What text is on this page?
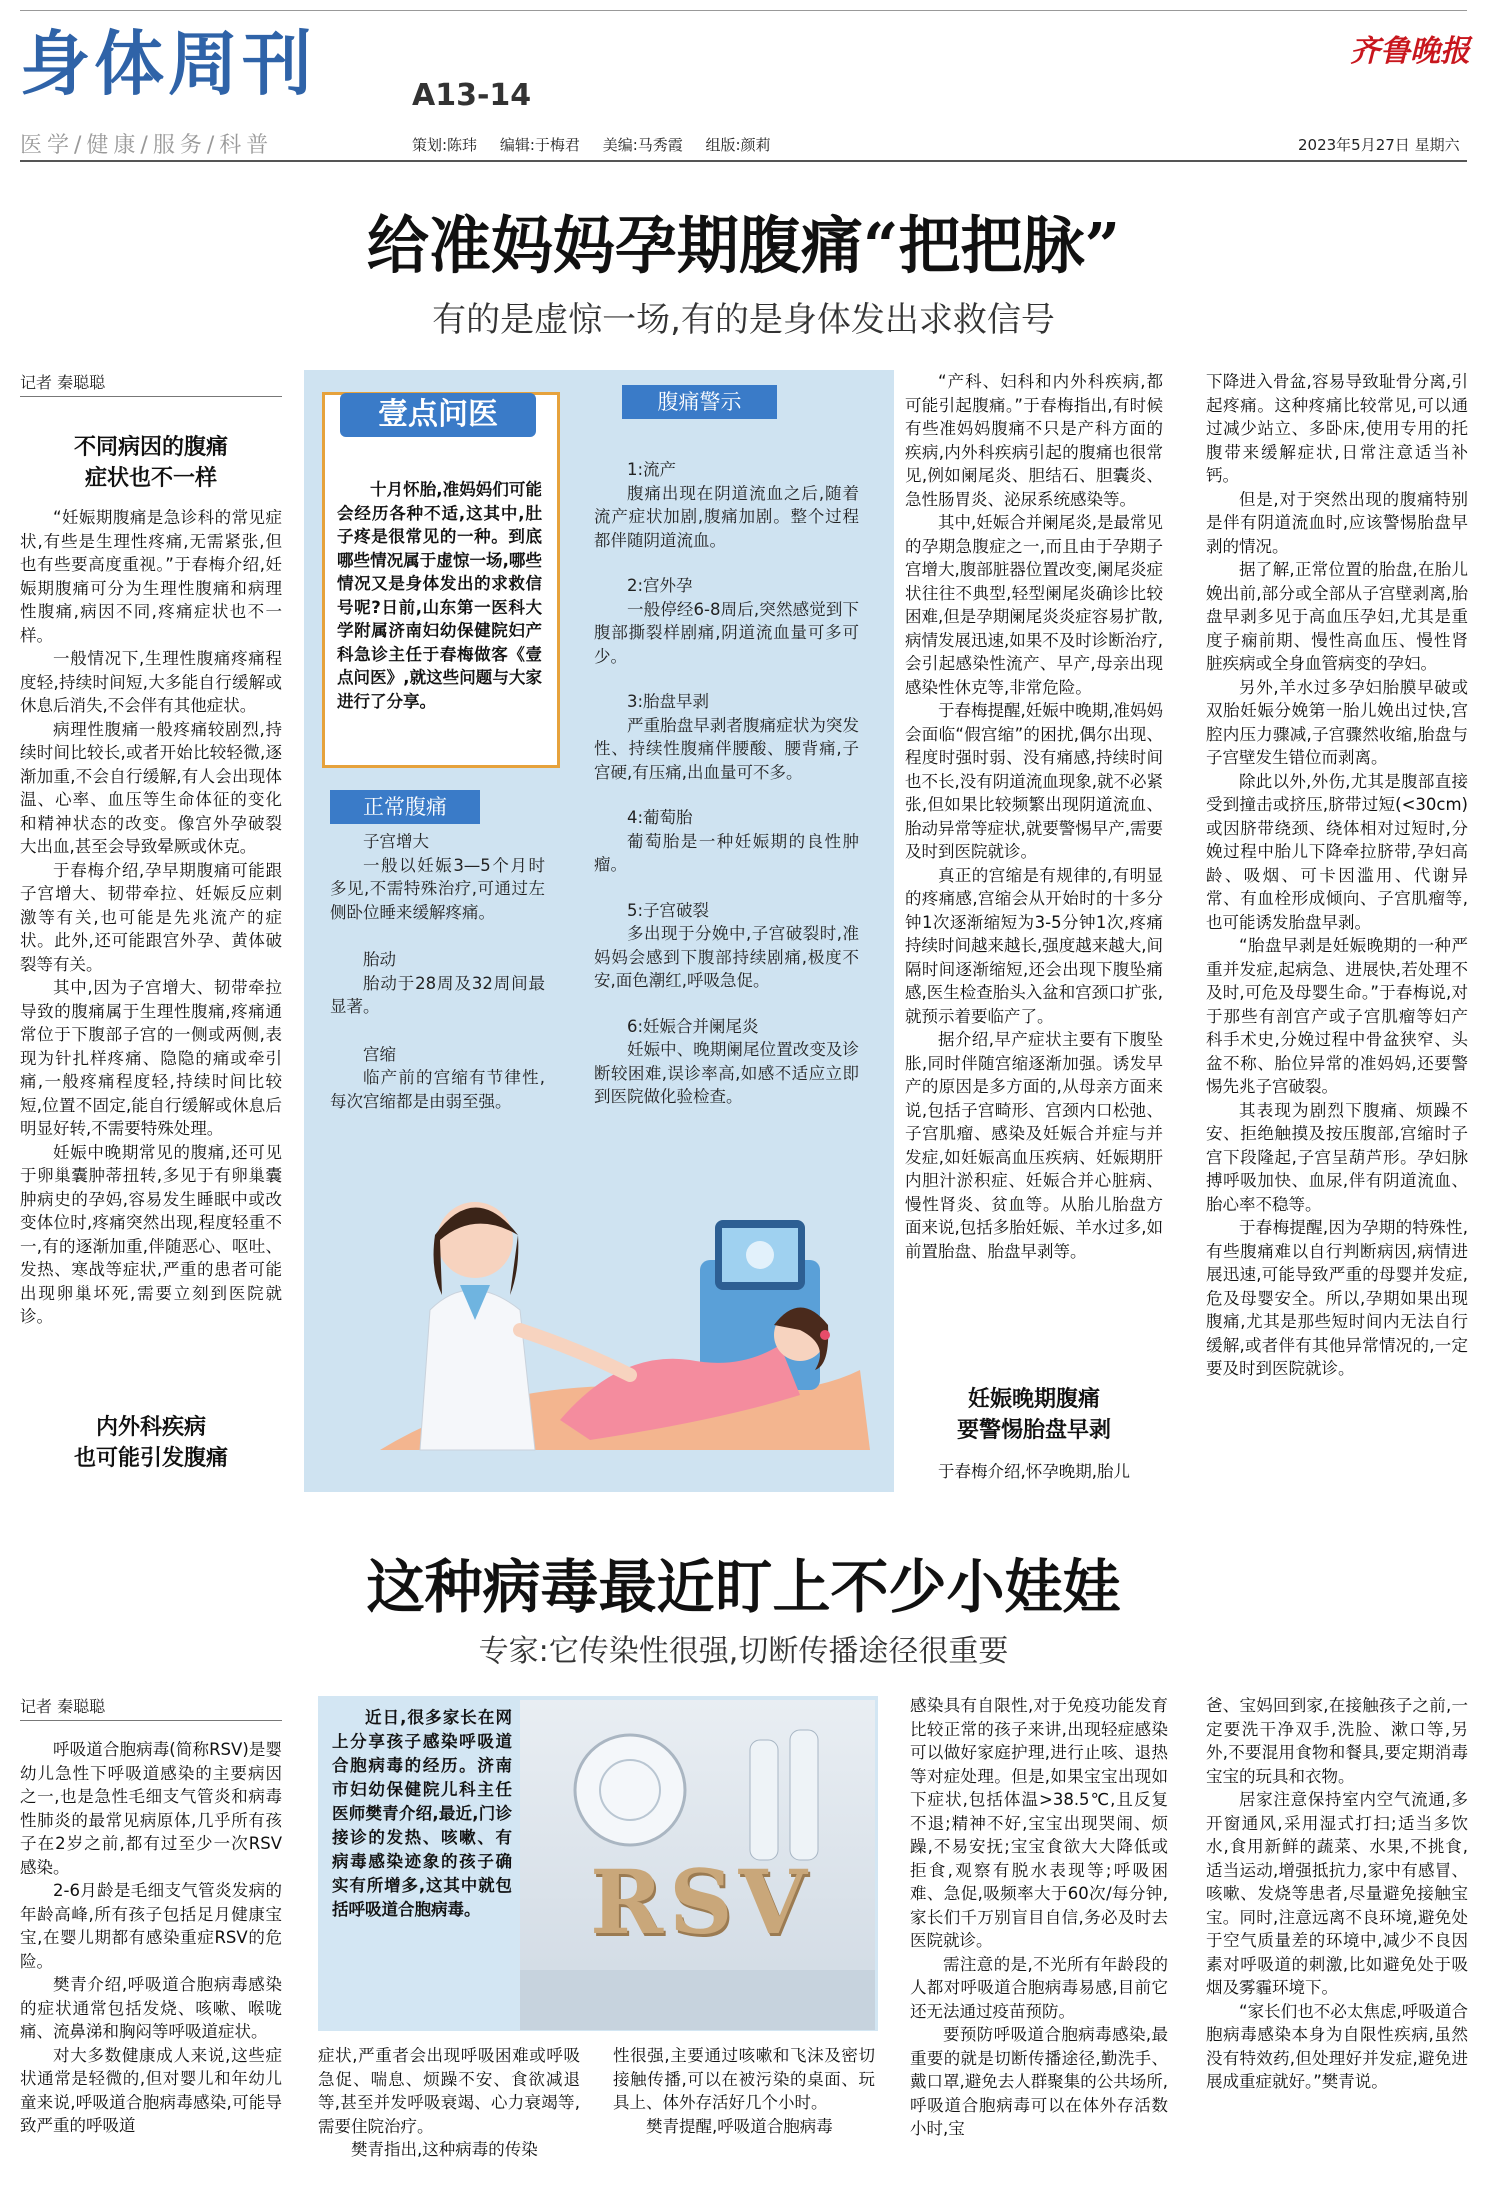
身体周刊	A13-14
医学/健康/服务/科普	策划:陈玮 编辑:于梅君 美编:马秀霞 组版:颜莉
齐鲁晚报
2023年5月27日 星期六
给准妈妈孕期腹痛“把把脉”
有的是虚惊一场,有的是身体发出求救信号
记者 秦聪聪
不同病因的腹痛
症状也不一样

“妊娠期腹痛是急诊科的常见症状,有些是生理性疼痛,无需紧张,但也有些要高度重视。”于春梅介绍,妊娠期腹痛可分为生理性腹痛和病理性腹痛,病因不同,疼痛症状也不一样。

一般情况下,生理性腹痛疼痛程度轻,持续时间短,大多能自行缓解或休息后消失,不会伴有其他症状。

病理性腹痛一般疼痛较剧烈,持续时间比较长,或者开始比较轻微,逐渐加重,不会自行缓解,有人会出现体温、心率、血压等生命体征的变化和精神状态的改变。像宫外孕破裂大出血,甚至会导致晕厥或休克。

于春梅介绍,孕早期腹痛可能跟子宫增大、韧带牵拉、妊娠反应刺激等有关,也可能是先兆流产的症状。此外,还可能跟宫外孕、黄体破裂等有关。

其中,因为子宫增大、韧带牵拉导致的腹痛属于生理性腹痛,疼痛通常位于下腹部子宫的一侧或两侧,表现为针扎样疼痛、隐隐的痛或牵引痛,一般疼痛程度轻,持续时间比较短,位置不固定,能自行缓解或休息后明显好转,不需要特殊处理。

妊娠中晚期常见的腹痛,还可见于卵巢囊肿蒂扭转,多见于有卵巢囊肿病史的孕妈,容易发生睡眠中或改变体位时,疼痛突然出现,程度轻重不一,有的逐渐加重,伴随恶心、呕吐、发热、寒战等症状,严重的患者可能出现卵巢坏死,需要立刻到医院就诊。

内外科疾病
也可能引发腹痛
壹点问医

十月怀胎,准妈妈们可能会经历各种不适,这其中,肚子疼是很常见的一种。到底哪些情况属于虚惊一场,哪些情况又是身体发出的求救信号呢?日前,山东第一医科大学附属济南妇幼保健院妇产科急诊主任于春梅做客《壹点问医》,就这些问题与大家进行了分享。

正常腹痛
子宫增大

一般以妊娠3—5个月时多见,不需特殊治疗,可通过左侧卧位睡来缓解疼痛。

胎动

胎动于28周及32周间最显著。

宫缩

临产前的宫缩有节律性,每次宫缩都是由弱至强。

腹痛警示
1:流产

腹痛出现在阴道流血之后,随着流产症状加剧,腹痛加剧。整个过程都伴随阴道流血。

2:宫外孕

一般停经6-8周后,突然感觉到下腹部撕裂样剧痛,阴道流血量可多可少。

3:胎盘早剥

严重胎盘早剥者腹痛症状为突发性、持续性腹痛伴腰酸、腰背痛,子宫硬,有压痛,出血量可不多。

4:葡萄胎

葡萄胎是一种妊娠期的良性肿瘤。

5:子宫破裂

多出现于分娩中,子宫破裂时,准妈妈会感到下腹部持续剧痛,极度不安,面色潮红,呼吸急促。

6:妊娠合并阑尾炎

妊娠中、晚期阑尾位置改变及诊断较困难,误诊率高,如感不适应立即到医院做化验检查。

“产科、妇科和内外科疾病,都可能引起腹痛。”于春梅指出,有时候有些准妈妈腹痛不只是产科方面的疾病,内外科疾病引起的腹痛也很常见,例如阑尾炎、胆结石、胆囊炎、急性肠胃炎、泌尿系统感染等。

其中,妊娠合并阑尾炎,是最常见的孕期急腹症之一,而且由于孕期子宫增大,腹部脏器位置改变,阑尾炎症状往往不典型,轻型阑尾炎确诊比较困难,但是孕期阑尾炎炎症容易扩散,病情发展迅速,如果不及时诊断治疗,会引起感染性流产、早产,母亲出现感染性休克等,非常危险。

于春梅提醒,妊娠中晚期,准妈妈会面临“假宫缩”的困扰,偶尔出现、程度时强时弱、没有痛感,持续时间也不长,没有阴道流血现象,就不必紧张,但如果比较频繁出现阴道流血、胎动异常等症状,就要警惕早产,需要及时到医院就诊。

真正的宫缩是有规律的,有明显的疼痛感,宫缩会从开始时的十多分钟1次逐渐缩短为3-5分钟1次,疼痛持续时间越来越长,强度越来越大,间隔时间逐渐缩短,还会出现下腹坠痛感,医生检查胎头入盆和宫颈口扩张,就预示着要临产了。

据介绍,早产症状主要有下腹坠胀,同时伴随宫缩逐渐加强。诱发早产的原因是多方面的,从母亲方面来说,包括子宫畸形、宫颈内口松弛、子宫肌瘤、感染及妊娠合并症与并发症,如妊娠高血压疾病、妊娠期肝内胆汁淤积症、妊娠合并心脏病、慢性肾炎、贫血等。从胎儿胎盘方面来说,包括多胎妊娠、羊水过多,如前置胎盘、胎盘早剥等。

妊娠晚期腹痛
要警惕胎盘早剥

于春梅介绍,怀孕晚期,胎儿

下降进入骨盆,容易导致耻骨分离,引起疼痛。这种疼痛比较常见,可以通过减少站立、多卧床,使用专用的托腹带来缓解症状,日常注意适当补钙。

但是,对于突然出现的腹痛特别是伴有阴道流血时,应该警惕胎盘早剥的情况。

据了解,正常位置的胎盘,在胎儿娩出前,部分或全部从子宫壁剥离,胎盘早剥多见于高血压孕妇,尤其是重度子痫前期、慢性高血压、慢性肾脏疾病或全身血管病变的孕妇。

另外,羊水过多孕妇胎膜早破或双胎妊娠分娩第一胎儿娩出过快,宫腔内压力骤减,子宫骤然收缩,胎盘与子宫壁发生错位而剥离。

除此以外,外伤,尤其是腹部直接受到撞击或挤压,脐带过短(<30cm)或因脐带绕颈、绕体相对过短时,分娩过程中胎儿下降牵拉脐带,孕妇高龄、吸烟、可卡因滥用、代谢异常、有血栓形成倾向、子宫肌瘤等,也可能诱发胎盘早剥。

“胎盘早剥是妊娠晚期的一种严重并发症,起病急、进展快,若处理不及时,可危及母婴生命。”于春梅说,对于那些有剖宫产或子宫肌瘤等妇产科手术史,分娩过程中骨盆狭窄、头盆不称、胎位异常的准妈妈,还要警惕先兆子宫破裂。

其表现为剧烈下腹痛、烦躁不安、拒绝触摸及按压腹部,宫缩时子宫下段隆起,子宫呈葫芦形。孕妇脉搏呼吸加快、血尿,伴有阴道流血、胎心率不稳等。

于春梅提醒,因为孕期的特殊性,有些腹痛难以自行判断病因,病情进展迅速,可能导致严重的母婴并发症,危及母婴安全。所以,孕期如果出现腹痛,尤其是那些短时间内无法自行缓解,或者伴有其他异常情况的,一定要及时到医院就诊。

这种病毒最近盯上不少小娃娃
专家:它传染性很强,切断传播途径很重要
记者 秦聪聪

呼吸道合胞病毒(简称RSV)是婴幼儿急性下呼吸道感染的主要病因之一,也是急性毛细支气管炎和病毒性肺炎的最常见病原体,几乎所有孩子在2岁之前,都有过至少一次RSV感染。

2-6月龄是毛细支气管炎发病的年龄高峰,所有孩子包括足月健康宝宝,在婴儿期都有感染重症RSV的危险。

樊青介绍,呼吸道合胞病毒感染的症状通常包括发烧、咳嗽、喉咙痛、流鼻涕和胸闷等呼吸道症状。

对大多数健康成人来说,这些症状通常是轻微的,但对婴儿和年幼儿童来说,呼吸道合胞病毒感染,可能导致严重的呼吸道

近日,很多家长在网上分享孩子感染呼吸道合胞病毒的经历。济南市妇幼保健院儿科主任医师樊青介绍,最近,门诊接诊的发热、咳嗽、有病毒感染迹象的孩子确实有所增多,这其中就包括呼吸道合胞病毒。	RSV

症状,严重者会出现呼吸困难或呼吸急促、喘息、烦躁不安、食欲减退等,甚至并发呼吸衰竭、心力衰竭等,需要住院治疗。

樊青指出,这种病毒的传染

性很强,主要通过咳嗽和飞沫及密切接触传播,可以在被污染的桌面、玩具上、体外存活好几个小时。

樊青提醒,呼吸道合胞病毒

感染具有自限性,对于免疫功能发育比较正常的孩子来讲,出现轻症感染可以做好家庭护理,进行止咳、退热等对症处理。但是,如果宝宝出现如下症状,包括体温>38.5℃,且反复不退;精神不好,宝宝出现哭闹、烦躁,不易安抚;宝宝食欲大大降低或拒食,观察有脱水表现等;呼吸困难、急促,吸频率大于60次/每分钟,家长们千万别盲目自信,务必及时去医院就诊。

需注意的是,不光所有年龄段的人都对呼吸道合胞病毒易感,目前它还无法通过疫苗预防。

要预防呼吸道合胞病毒感染,最重要的就是切断传播途径,勤洗手、戴口罩,避免去人群聚集的公共场所,呼吸道合胞病毒可以在体外存活数小时,宝

爸、宝妈回到家,在接触孩子之前,一定要洗干净双手,洗脸、漱口等,另外,不要混用食物和餐具,要定期消毒宝宝的玩具和衣物。

居家注意保持室内空气流通,多开窗通风,采用湿式打扫;适当多饮水,食用新鲜的蔬菜、水果,不挑食,适当运动,增强抵抗力,家中有感冒、咳嗽、发烧等患者,尽量避免接触宝宝。同时,注意远离不良环境,避免处于空气质量差的环境中,减少不良因素对呼吸道的刺激,比如避免处于吸烟及雾霾环境下。

“家长们也不必太焦虑,呼吸道合胞病毒感染本身为自限性疾病,虽然没有特效药,但处理好并发症,避免进展成重症就好。”樊青说。
